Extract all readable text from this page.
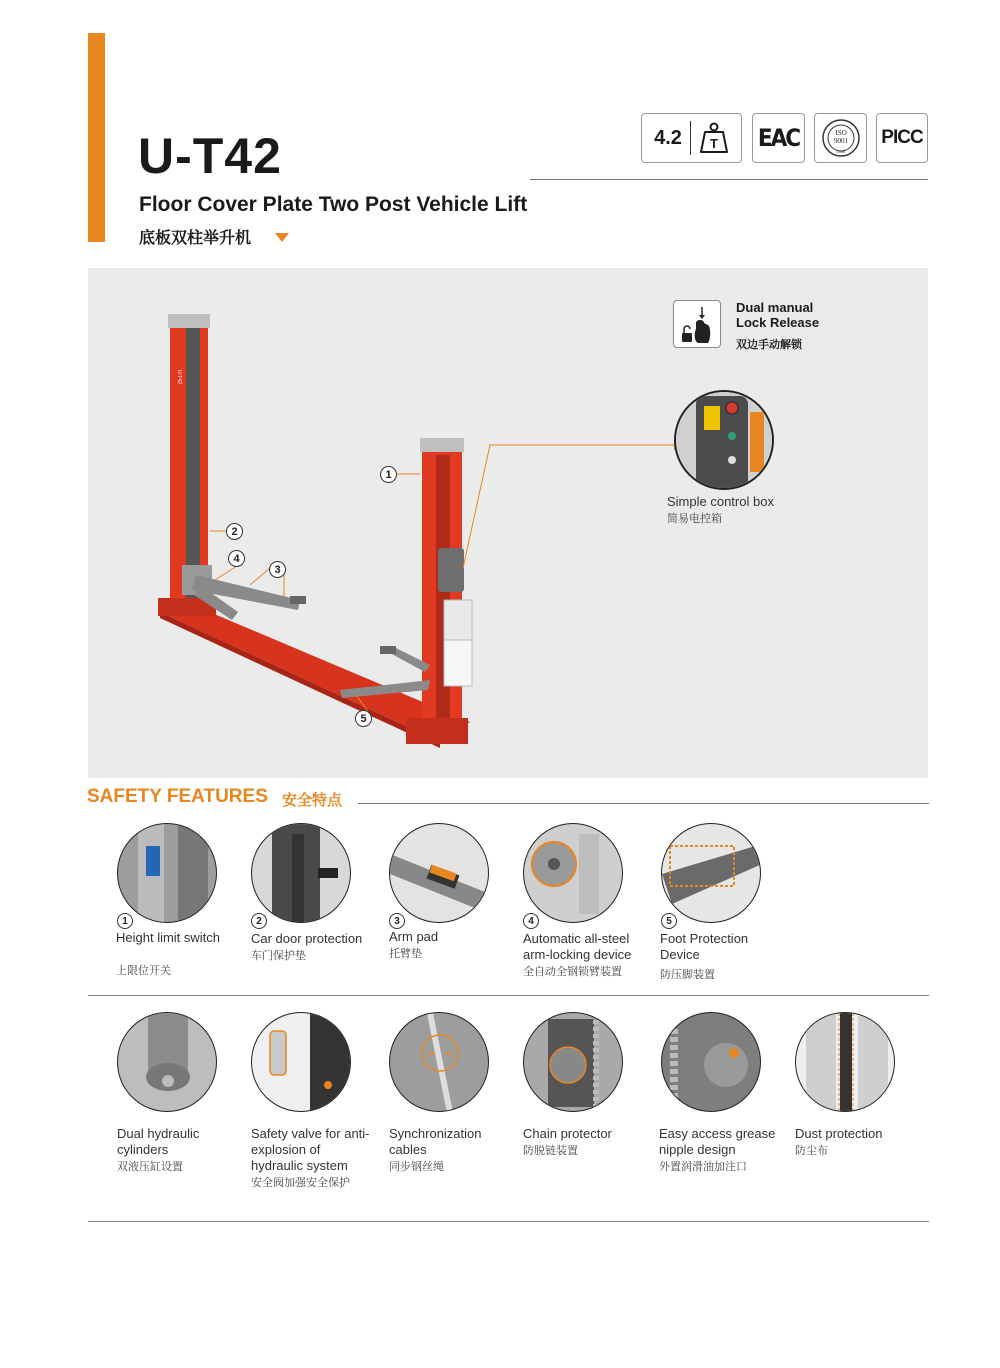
U-T42
Floor Cover Plate Two Post Vehicle Lift
底板双柱举升机
4.2 T EAC	ISO
9001
ONS
PICC
U-T42
1
2
3
4
5
Dual manual Lock Release
双边手动解锁
Simple control box
简易电控箱
SAFETY FEATURES 安全特点
1
Height limit switch
上限位开关
2
Car door protection
车门保护垫
3
Arm pad
托臂垫
4
Automatic all-steel arm-locking device
全自动全钢锁臂装置
5
Foot Protection Device
防压脚装置
Dual hydraulic cylinders
双液压缸设置
Safety valve for anti-explosion of hydraulic system
安全阀加强安全保护
Synchronization cables
同步钢丝绳
Chain protector
防脱链装置
Easy access grease nipple design
外置润滑油加注口
Dust protection
防尘布
